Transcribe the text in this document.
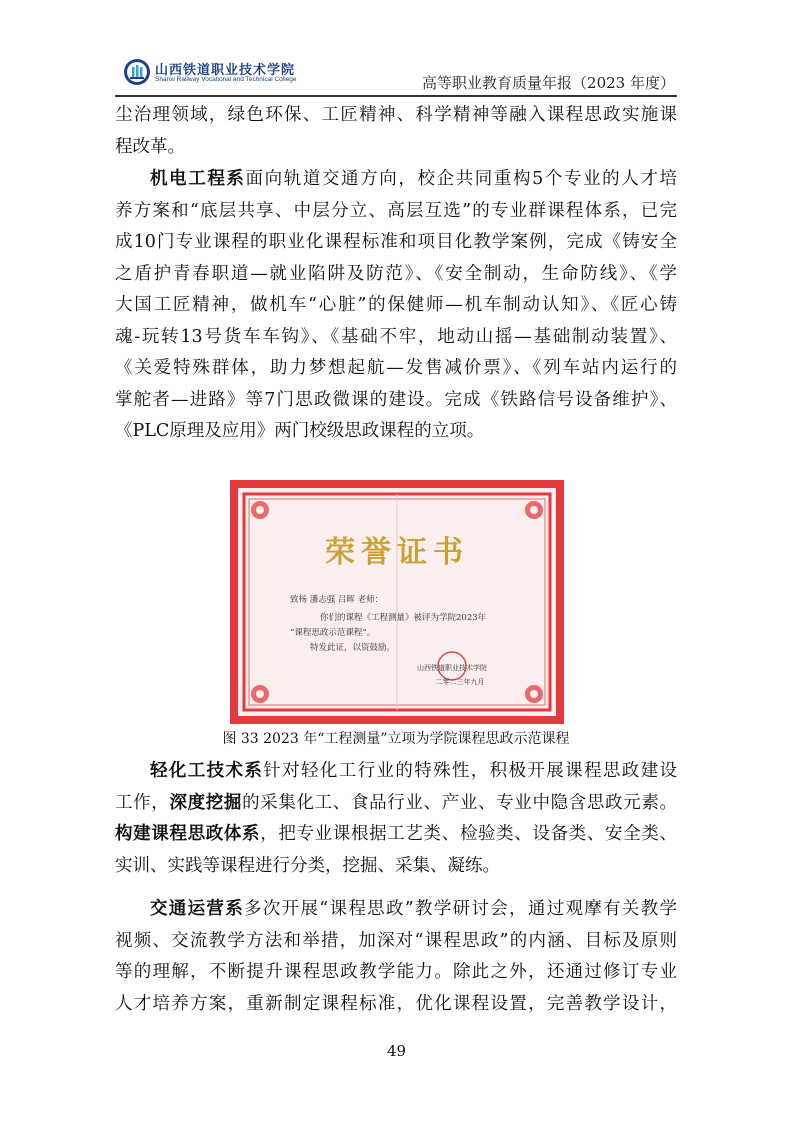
山西铁道职业技术学院
Shanxi Railway Vocational and Technical College	高等职业教育质量年报（2023 年度）

尘治理领域，绿色环保、工匠精神、科学精神等融入课程思政实施课

程改革。

机电工程系面向轨道交通方向，校企共同重构5个专业的人才培

养方案和“底层共享、中层分立、高层互选”的专业群课程体系，已完

成10门专业课程的职业化课程标准和项目化教学案例，完成《铸安全

之盾护青春职道—就业陷阱及防范》、《安全制动，生命防线》、《学

大国工匠精神，做机车“心脏”的保健师—机车制动认知》、《匠心铸

魂-玩转13号货车车钩》、《基础不牢，地动山摇—基础制动装置》、

《关爱特殊群体，助力梦想起航—发售减价票》、《列车站内运行的

掌舵者—进路》等7门思政微课的建设。完成《铁路信号设备维护》、

《PLC原理及应用》两门校级思政课程的立项。

荣誉证书
致杨 潘志强 吕晖 老师：
你们的课程《工程测量》被评为学院2023年
“课程思政示范课程”。
特发此证，以资鼓励。
山西铁道职业技术学院
二零二三年九月
图 33 2023 年“工程测量”立项为学院课程思政示范课程

轻化工技术系针对轻化工行业的特殊性，积极开展课程思政建设

工作，深度挖掘的采集化工、食品行业、产业、专业中隐含思政元素。

构建课程思政体系，把专业课根据工艺类、检验类、设备类、安全类、

实训、实践等课程进行分类，挖掘、采集、凝练。

交通运营系多次开展“课程思政”教学研讨会，通过观摩有关教学

视频、交流教学方法和举措，加深对“课程思政”的内涵、目标及原则

等的理解，不断提升课程思政教学能力。除此之外，还通过修订专业

人才培养方案，重新制定课程标准，优化课程设置，完善教学设计，

49
